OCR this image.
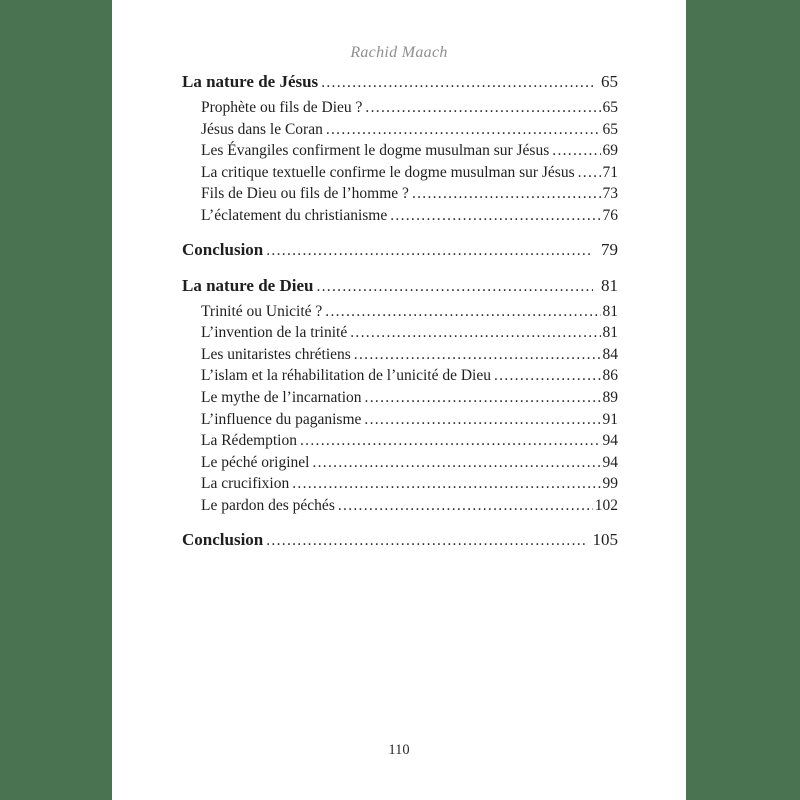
Rachid Maach
La nature de Jésus .....	65
Prophète ou fils de Dieu ? .....	65
Jésus dans le Coran .....	65
Les Évangiles confirment le dogme musulman sur Jésus .....	69
La critique textuelle confirme le dogme musulman sur Jésus ..... 71
Fils de Dieu ou fils de l’homme ? .....	73
L’éclatement du christianisme .....	76
Conclusion .....	79
La nature de Dieu .....	81
Trinité ou Unicité ? .....	81
L’invention de la trinité .....	81
Les unitaristes chrétiens .....	84
L’islam et la réhabilitation de l’unicité de Dieu .....	86
Le mythe de l’incarnation .....	89
L’influence du paganisme .....	91
La Rédemption .....	94
Le péché originel .....	94
La crucifixion .....	99
Le pardon des péchés .....	102
Conclusion .....	105
110
